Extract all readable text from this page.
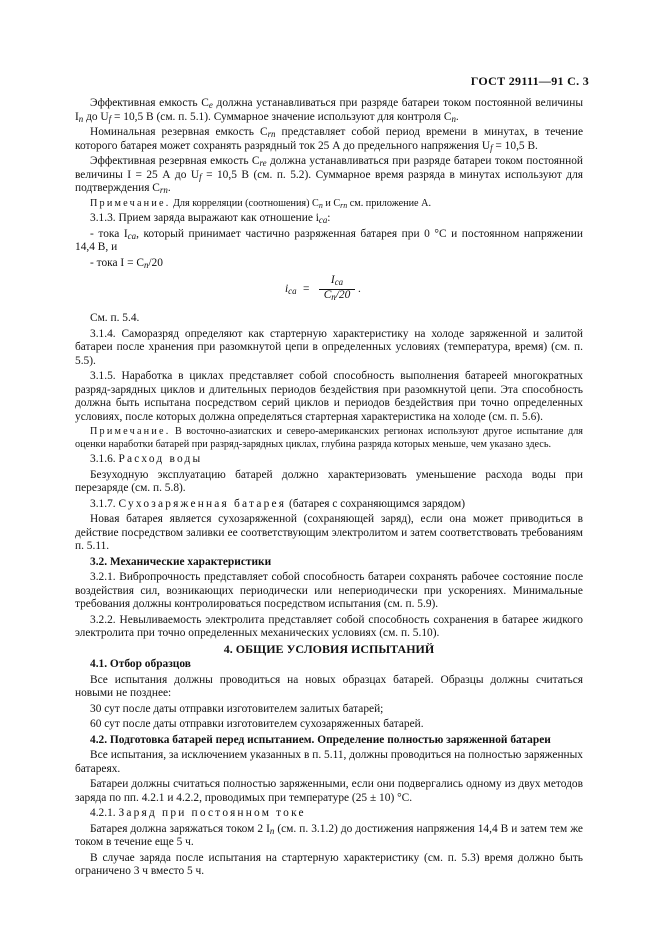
ГОСТ 29111—91 С. 3

Эффективная емкость Ce должна устанавливаться при разряде батареи током постоянной величины In до Uf = 10,5 В (см. п. 5.1). Суммарное значение используют для контроля Cn.

Номинальная резервная емкость Crn представляет собой период времени в минутах, в течение которого батарея может сохранять разрядный ток 25 А до предельного напряжения Uf = 10,5 В.

Эффективная резервная емкость Cre должна устанавливаться при разряде батареи током постоянной величины I = 25 А до Uf = 10,5 В (см. п. 5.2). Суммарное время разряда в минутах используют для подтверждения Crn.

Примечание. Для корреляции (соотношения) Cn и Crn см. приложение А.

3.1.3. Прием заряда выражают как отношение ica:

- тока Ica, который принимает частично разряженная батарея при 0 °С и постоянном напряжении 14,4 В, и

- тока I = Cn/20

ica =
Ica
Cn/20 .

См. п. 5.4.

3.1.4. Саморазряд определяют как стартерную характеристику на холоде заряженной и залитой батареи после хранения при разомкнутой цепи в определенных условиях (температура, время) (см. п. 5.5).

3.1.5. Наработка в циклах представляет собой способность выполнения батареей многократных разряд-зарядных циклов и длительных периодов бездействия при разомкнутой цепи. Эта способность должна быть испытана посредством серий циклов и периодов бездействия при точно определенных условиях, после которых должна определяться стартерная характеристика на холоде (см. п. 5.6).

Примечание. В восточно-азиатских и северо-американских регионах используют другое испытание для оценки наработки батарей при разряд-зарядных циклах, глубина разряда которых меньше, чем указано здесь.

3.1.6. Расход воды

Безуходную эксплуатацию батарей должно характеризовать уменьшение расхода воды при перезаряде (см. п. 5.8).

3.1.7. Сухозаряженная батарея (батарея с сохраняющимся зарядом)

Новая батарея является сухозаряженной (сохраняющей заряд), если она может приводиться в действие посредством заливки ее соответствующим электролитом и затем соответствовать требованиям п. 5.11.

3.2. Механические характеристики

3.2.1. Вибропрочность представляет собой способность батареи сохранять рабочее состояние после воздействия сил, возникающих периодически или непериодически при ускорениях. Минимальные требования должны контролироваться посредством испытания (см. п. 5.9).

3.2.2. Невыливаемость электролита представляет собой способность сохранения в батарее жидкого электролита при точно определенных механических условиях (см. п. 5.10).

4. ОБЩИЕ УСЛОВИЯ ИСПЫТАНИЙ

4.1. Отбор образцов

Все испытания должны проводиться на новых образцах батарей. Образцы должны считаться новыми не позднее:

30 сут после даты отправки изготовителем залитых батарей;

60 сут после даты отправки изготовителем сухозаряженных батарей.

4.2. Подготовка батарей перед испытанием. Определение полностью заряженной батареи

Все испытания, за исключением указанных в п. 5.11, должны проводиться на полностью заряженных батареях.

Батареи должны считаться полностью заряженными, если они подвергались одному из двух методов заряда по пп. 4.2.1 и 4.2.2, проводимых при температуре (25 ± 10) °С.

4.2.1. Заряд при постоянном токе

Батарея должна заряжаться током 2 In (см. п. 3.1.2) до достижения напряжения 14,4 В и затем тем же током в течение еще 5 ч.

В случае заряда после испытания на стартерную характеристику (см. п. 5.3) время должно быть ограничено 3 ч вместо 5 ч.
